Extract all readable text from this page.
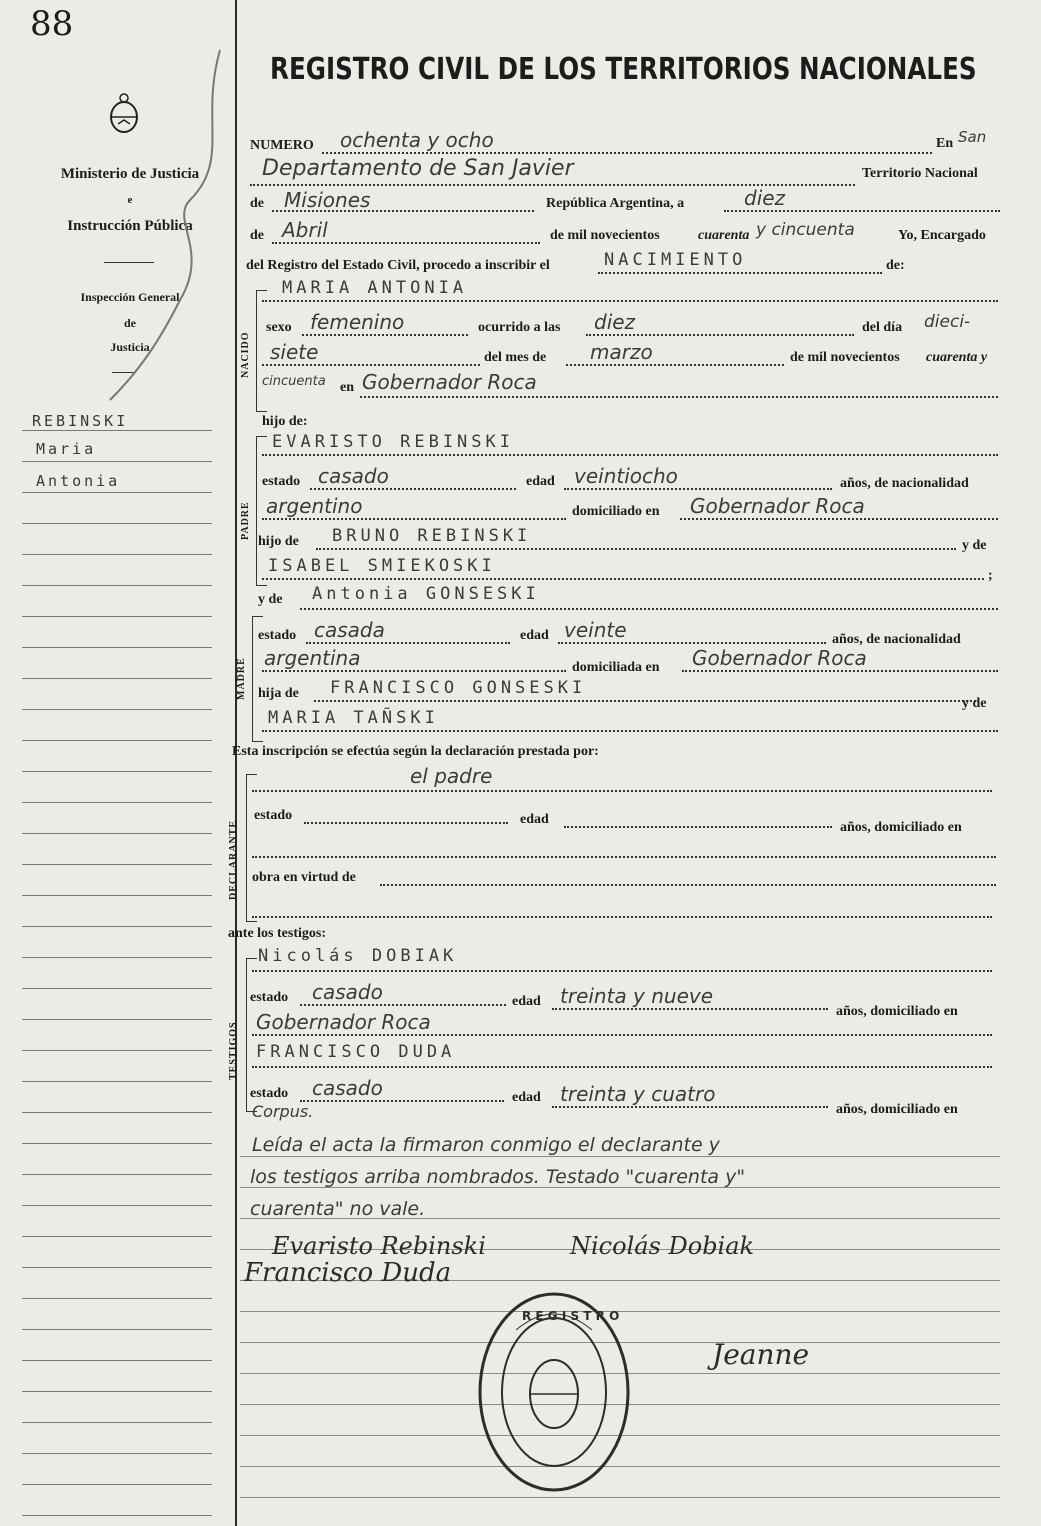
88
Ministerio de Justicia
e
Instrucción Pública
Inspección General
de
Justicia
REBINSKI
Maria
Antonia
REGISTRO CIVIL DE LOS TERRITORIOS NACIONALES
NUMERO ochenta y ocho	En San
Departamento de San Javier	Territorio Nacional
de Misiones	República Argentina, a	diez
de Abril	de mil novecientos	cuarenta y cincuenta	Yo, Encargado
del Registro del Estado Civil, procedo a inscribir el	NACIMIENTO	de:
NACIDO
MARIA ANTONIA
sexo femenino	ocurrido a las diez	del día dieci-
siete	del mes de marzo	de mil novecientos cuarenta y
cincuenta en Gobernador Roca
hijo de:
PADRE
EVARISTO REBINSKI
estado casado	edad veintiocho	años, de nacionalidad
argentino	domiciliado en Gobernador Roca
hijo de BRUNO REBINSKI	y de
ISABEL SMIEKOSKI	;
y de Antonia GONSESKI
MADRE
estado casada	edad veinte	años, de nacionalidad
argentina	domiciliada en Gobernador Roca
hija de FRANCISCO GONSESKI
y de
MARIA TAÑSKI
Esta inscripción se efectúa según la declaración prestada por:
DECLARANTE
el padre
estado	edad
años, domiciliado en
obra en virtud de
ante los testigos:
TESTIGOS
Nicolás DOBIAK
estado casado	edad treinta y nueve
años, domiciliado en
Gobernador Roca
FRANCISCO DUDA
estado casado	edad treinta y cuatro
años, domiciliado en
Corpus.
Leída el acta la firmaron conmigo el declarante y
los testigos arriba nombrados. Testado "cuarenta y"
cuarenta" no vale.
Evaristo Rebinski	Nicolás Dobiak
Francisco Duda
Jeanne
R E G I S T R O
